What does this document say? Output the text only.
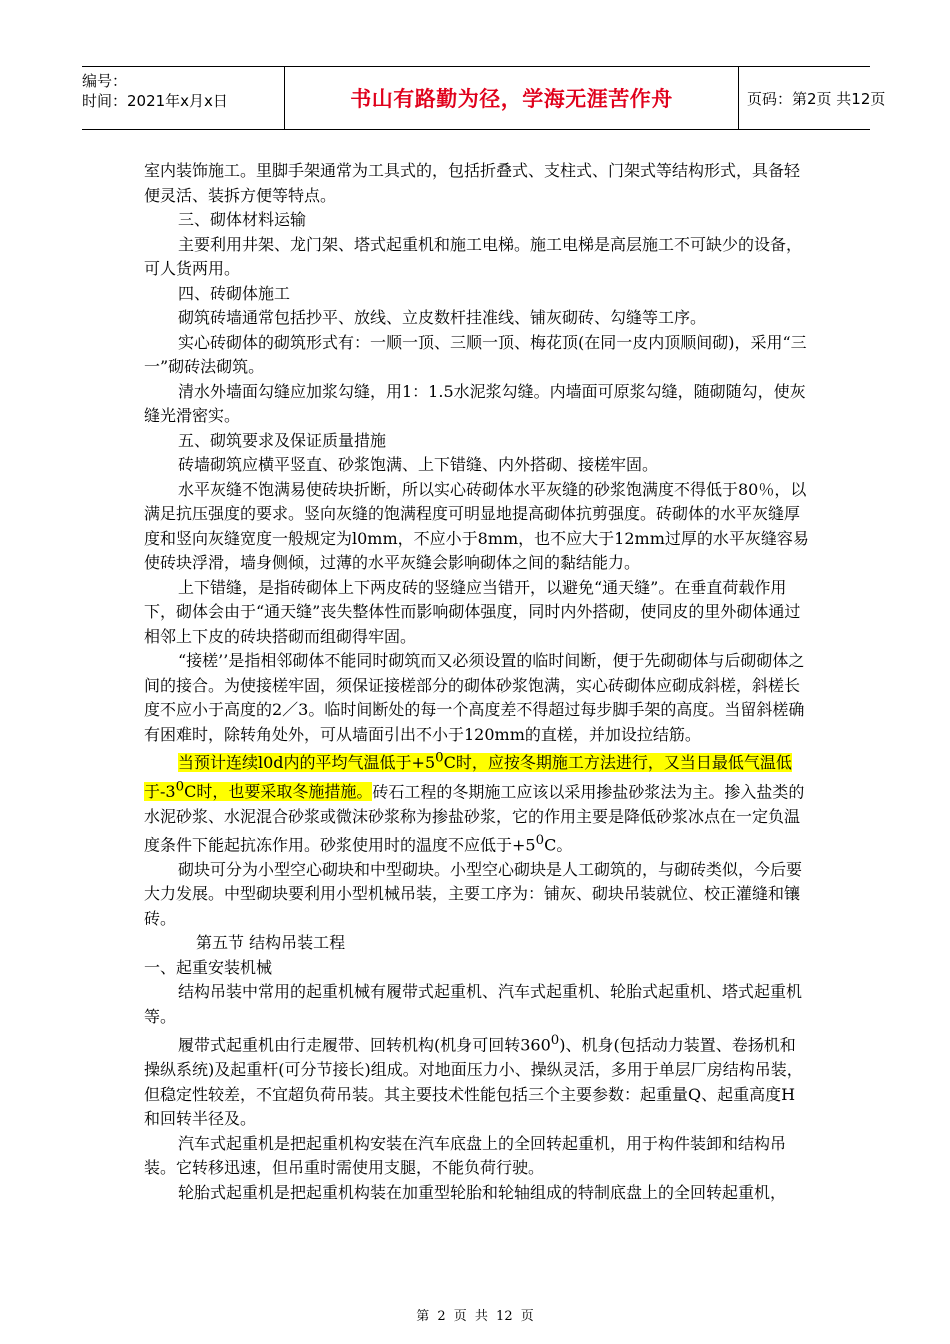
编号：
时间：2021年x月x日	书山有路勤为径，学海无涯苦作舟	页码：第2页 共12页

室内装饰施工。里脚手架通常为工具式的，包括折叠式、支柱式、门架式等结构形式，具备轻便灵活、装拆方便等特点。

三、砌体材料运输

主要利用井架、龙门架、塔式起重机和施工电梯。施工电梯是高层施工不可缺少的设备，可人货两用。

四、砖砌体施工

砌筑砖墙通常包括抄平、放线、立皮数杆挂准线、铺灰砌砖、勾缝等工序。

实心砖砌体的砌筑形式有：一顺一顶、三顺一顶、梅花顶(在同一皮内顶顺间砌)，采用“三一”砌砖法砌筑。

清水外墙面勾缝应加浆勾缝，用1：1.5水泥浆勾缝。内墙面可原浆勾缝，随砌随勾，使灰缝光滑密实。

五、砌筑要求及保证质量措施

砖墙砌筑应横平竖直、砂浆饱满、上下错缝、内外搭砌、接槎牢固。

水平灰缝不饱满易使砖块折断，所以实心砖砌体水平灰缝的砂浆饱满度不得低于80％，以满足抗压强度的要求。竖向灰缝的饱满程度可明显地提高砌体抗剪强度。砖砌体的水平灰缝厚度和竖向灰缝宽度一般规定为l0mm，不应小于8mm，也不应大于12mm过厚的水平灰缝容易使砖块浮滑，墙身侧倾，过薄的水平灰缝会影响砌体之间的黏结能力。

上下错缝，是指砖砌体上下两皮砖的竖缝应当错开，以避免“通天缝”。在垂直荷载作用下，砌体会由于“通天缝”丧失整体性而影响砌体强度，同时内外搭砌，使同皮的里外砌体通过相邻上下皮的砖块搭砌而组砌得牢固。

“接槎’’是指相邻砌体不能同时砌筑而又必须设置的临时间断，便于先砌砌体与后砌砌体之间的接合。为使接槎牢固，须保证接槎部分的砌体砂浆饱满，实心砖砌体应砌成斜槎，斜槎长度不应小于高度的2／3。临时间断处的每一个高度差不得超过每步脚手架的高度。当留斜槎确有困难时，除转角处外，可从墙面引出不小于120mm的直槎，并加设拉结筋。

当预计连续l0d内的平均气温低于$+5^0C$时，应按冬期施工方法进行，又当日最低气温低于$-3^0C$时，也要采取冬施措施。砖石工程的冬期施工应该以采用掺盐砂浆法为主。掺入盐类的水泥砂浆、水泥混合砂浆或微沫砂浆称为掺盐砂浆，它的作用主要是降低砂浆冰点在一定负温度条件下能起抗冻作用。砂浆使用时的温度不应低于$+5^0C$。

砌块可分为小型空心砌块和中型砌块。小型空心砌块是人工砌筑的，与砌砖类似，今后要大力发展。中型砌块要利用小型机械吊装，主要工序为：铺灰、砌块吊装就位、校正灌缝和镶砖。

第五节 结构吊装工程

一、起重安装机械

结构吊装中常用的起重机械有履带式起重机、汽车式起重机、轮胎式起重机、塔式起重机等。

履带式起重机由行走履带、回转机构(机身可回转$360^0$)、机身(包括动力装置、卷扬机和操纵系统)及起重杆(可分节接长)组成。对地面压力小、操纵灵活，多用于单层厂房结构吊装，但稳定性较差，不宜超负荷吊装。其主要技术性能包括三个主要参数：起重量Q、起重高度H和回转半径及。

汽车式起重机是把起重机构安装在汽车底盘上的全回转起重机，用于构件装卸和结构吊装。它转移迅速，但吊重时需使用支腿，不能负荷行驶。

轮胎式起重机是把起重机构装在加重型轮胎和轮轴组成的特制底盘上的全回转起重机，

第 2 页 共 12 页
